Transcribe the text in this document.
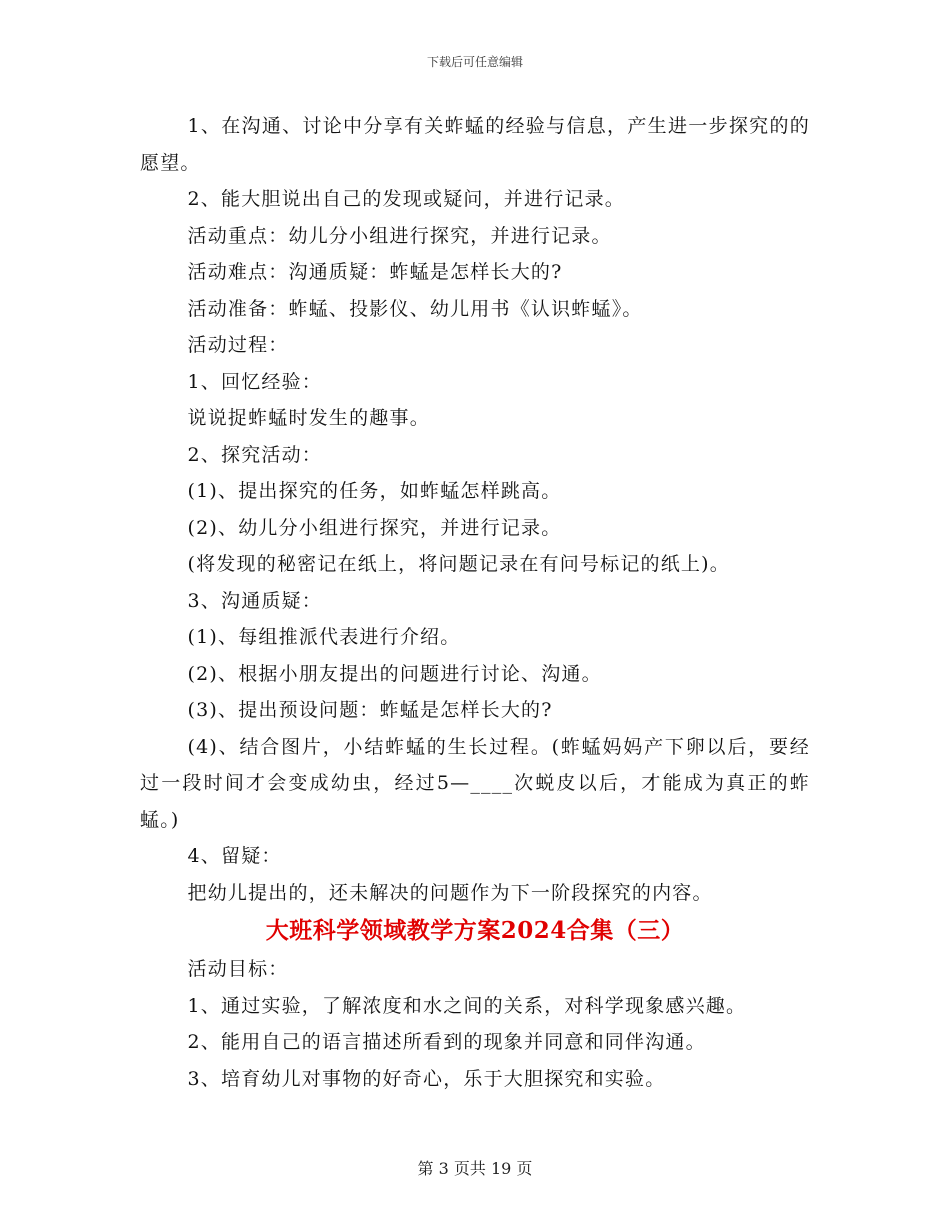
下载后可任意编辑

1、在沟通、讨论中分享有关蚱蜢的经验与信息，产生进一步探究的的愿望。

2、能大胆说出自己的发现或疑问，并进行记录。

活动重点：幼儿分小组进行探究，并进行记录。

活动难点：沟通质疑：蚱蜢是怎样长大的?

活动准备：蚱蜢、投影仪、幼儿用书《认识蚱蜢》。

活动过程：

1、回忆经验：

说说捉蚱蜢时发生的趣事。

2、探究活动：

(1)、提出探究的任务，如蚱蜢怎样跳高。

(2)、幼儿分小组进行探究，并进行记录。

(将发现的秘密记在纸上，将问题记录在有问号标记的纸上)。

3、沟通质疑：

(1)、每组推派代表进行介绍。

(2)、根据小朋友提出的问题进行讨论、沟通。

(3)、提出预设问题：蚱蜢是怎样长大的?

(4)、结合图片，小结蚱蜢的生长过程。(蚱蜢妈妈产下卵以后，要经过一段时间才会变成幼虫，经过5—____次蜕皮以后，才能成为真正的蚱蜢。)

4、留疑：

把幼儿提出的，还未解决的问题作为下一阶段探究的内容。

大班科学领域教学方案2024合集（三）

活动目标：

1、通过实验，了解浓度和水之间的关系，对科学现象感兴趣。

2、能用自己的语言描述所看到的现象并同意和同伴沟通。

3、培育幼儿对事物的好奇心，乐于大胆探究和实验。

第 3 页共 19 页
